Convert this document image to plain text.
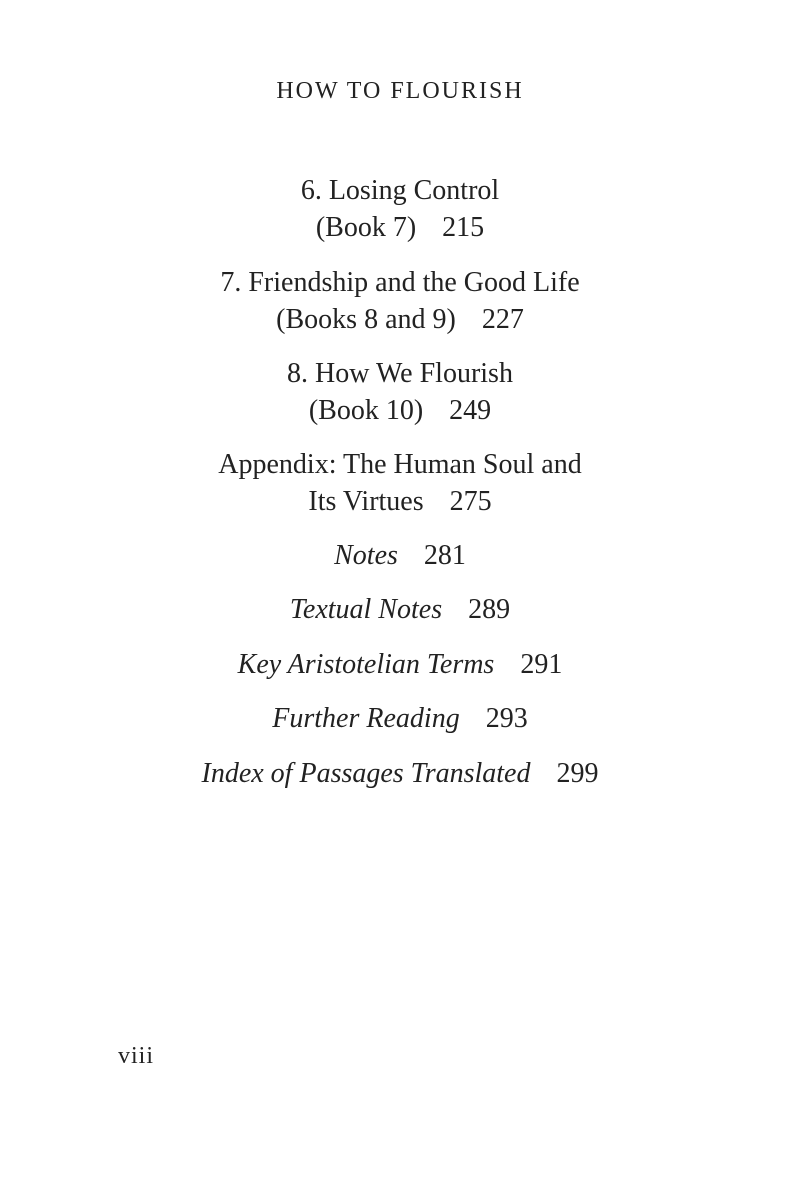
HOW TO FLOURISH
6. Losing Control
(Book 7) 215
7. Friendship and the Good Life
(Books 8 and 9) 227
8. How We Flourish
(Book 10) 249
Appendix: The Human Soul and
Its Virtues 275
Notes 281
Textual Notes 289
Key Aristotelian Terms 291
Further Reading 293
Index of Passages Translated 299
viii
